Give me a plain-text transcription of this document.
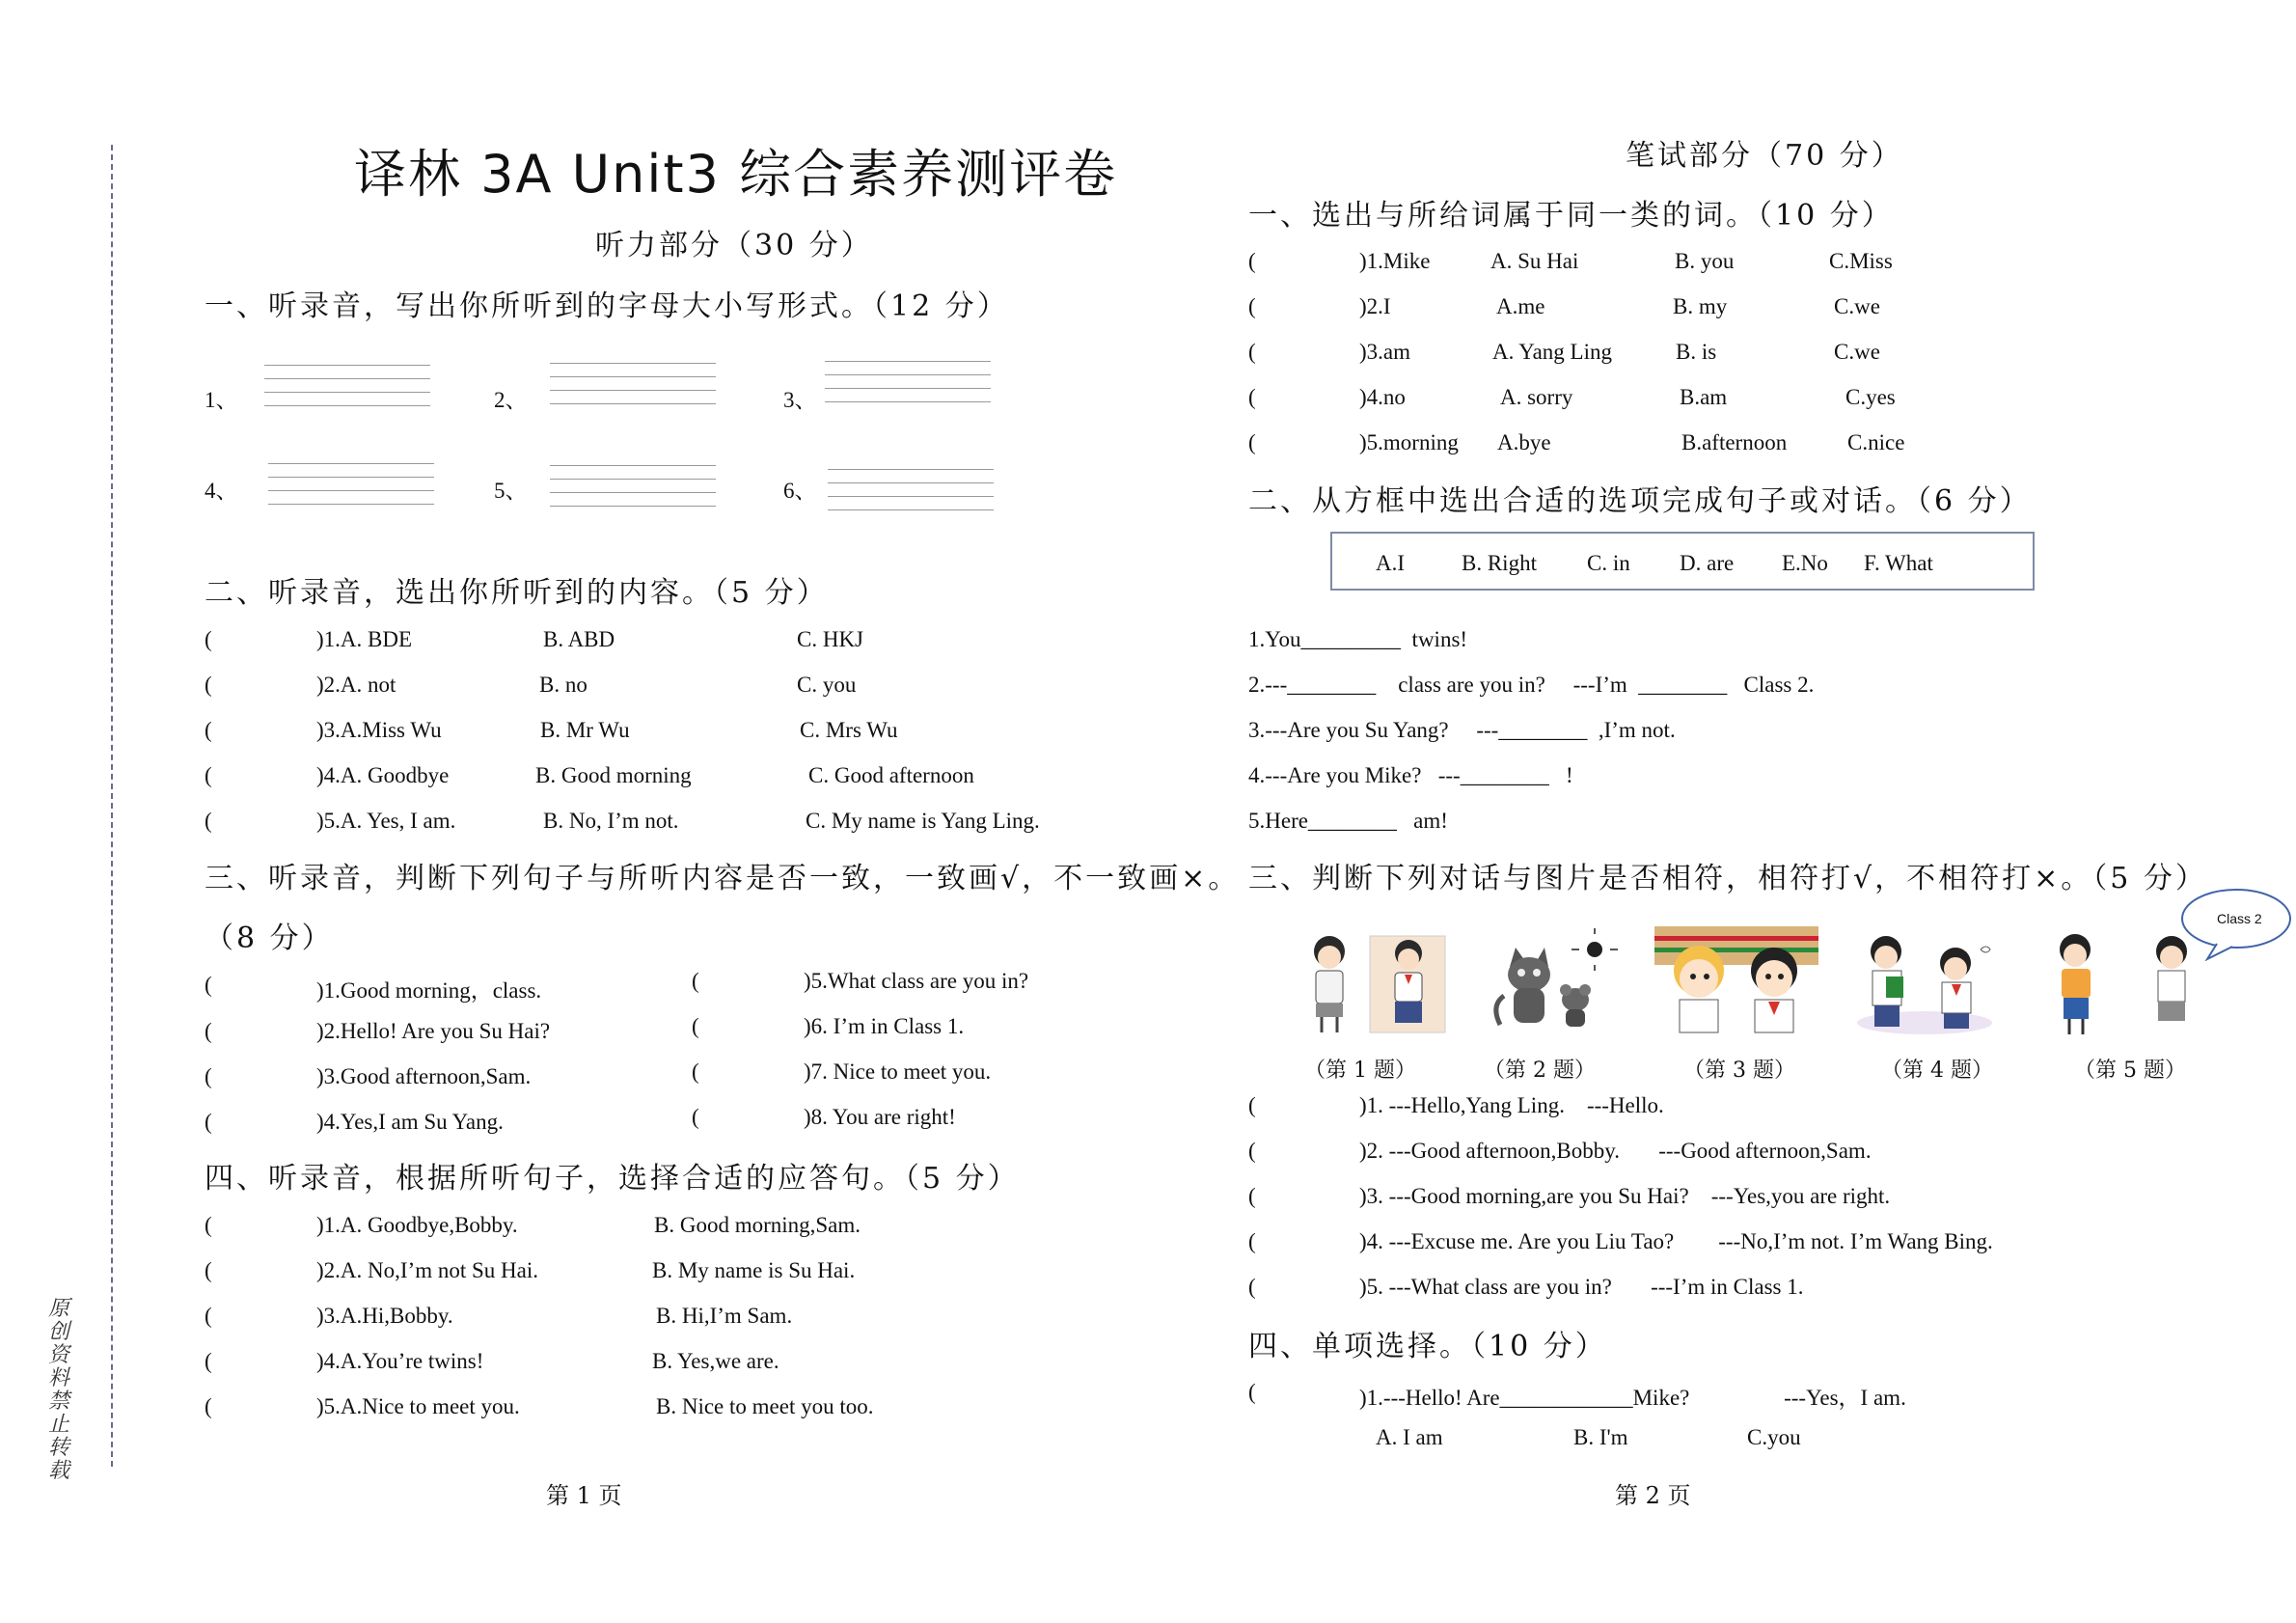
原创资料 禁止转载
译林 3A Unit3 综合素养测评卷
听力部分（30 分）
一、听录音，写出你所听到的字母大小写形式。（12 分）
1、	2、	3、
4、	5、	6、
二、听录音，选出你所听到的内容。（5 分）
(	)1.A. BDE	B. ABD	C. HKJ
(	)2.A. not	B. no	C. you
(	)3.A.Miss Wu	B. Mr Wu	C. Mrs Wu
(	)4.A. Goodbye	B. Good morning	C. Good afternoon
(	)5.A. Yes, I am.	B. No, I’m not.	C. My name is Yang Ling.
三、听录音，判断下列句子与所听内容是否一致，一致画√，不一致画×。
（8 分）
(	)1.Good morning，class.	(	)5.What class are you in?
(	)2.Hello! Are you Su Hai?	(	)6. I’m in Class 1.
(	)3.Good afternoon,Sam.	(	)7. Nice to meet you.
(	)4.Yes,I am Su Yang.	(	)8. You are right!
四、听录音，根据所听句子，选择合适的应答句。（5 分）
(	)1.A. Goodbye,Bobby.	B. Good morning,Sam.
(	)2.A. No,I’m not Su Hai.	B. My name is Su Hai.
(	)3.A.Hi,Bobby.	B. Hi,I’m Sam.
(	)4.A.You’re twins!	B. Yes,we are.
(	)5.A.Nice to meet you.	B. Nice to meet you too.
第 1 页
笔试部分（70 分）
一、选出与所给词属于同一类的词。（10 分）
(	)1.Mike	A. Su Hai	B. you	C.Miss
(	)2.I	A.me	B. my	C.we
(	)3.am	A. Yang Ling	B. is	C.we
(	)4.no	A. sorry	B.am	C.yes
(	)5.morning A.bye	B.afternoon	C.nice
二、从方框中选出合适的选项完成句子或对话。（6 分）
A.I	B. Right C. in D. are E.No F. What
1.You_________  twins!
2.---________    class are you in?     ---I’m  ________   Class 2.
3.---Are you Su Yang?     ---________  ,I’m not.
4.---Are you Mike?   ---________   !
5.Here________   am!
三、判断下列对话与图片是否相符，相符打√，不相符打×。（5 分）
Class 2
（第 1 题）	（第 2 题）	（第 3 题）	（第 4 题）	（第 5 题）
(	)1. ---Hello,Yang Ling.    ---Hello.
(	)2. ---Good afternoon,Bobby.       ---Good afternoon,Sam.
(	)3. ---Good morning,are you Su Hai?    ---Yes,you are right.
(	)4. ---Excuse me. Are you Liu Tao?        ---No,I’m not. I’m Wang Bing.
(	)5. ---What class are you in?       ---I’m in Class 1.
四、单项选择。（10 分）
(	)1.---Hello! Are____________Mike?                 ---Yes，I am.
A. I am	B. I'm	C.you
第 2 页
